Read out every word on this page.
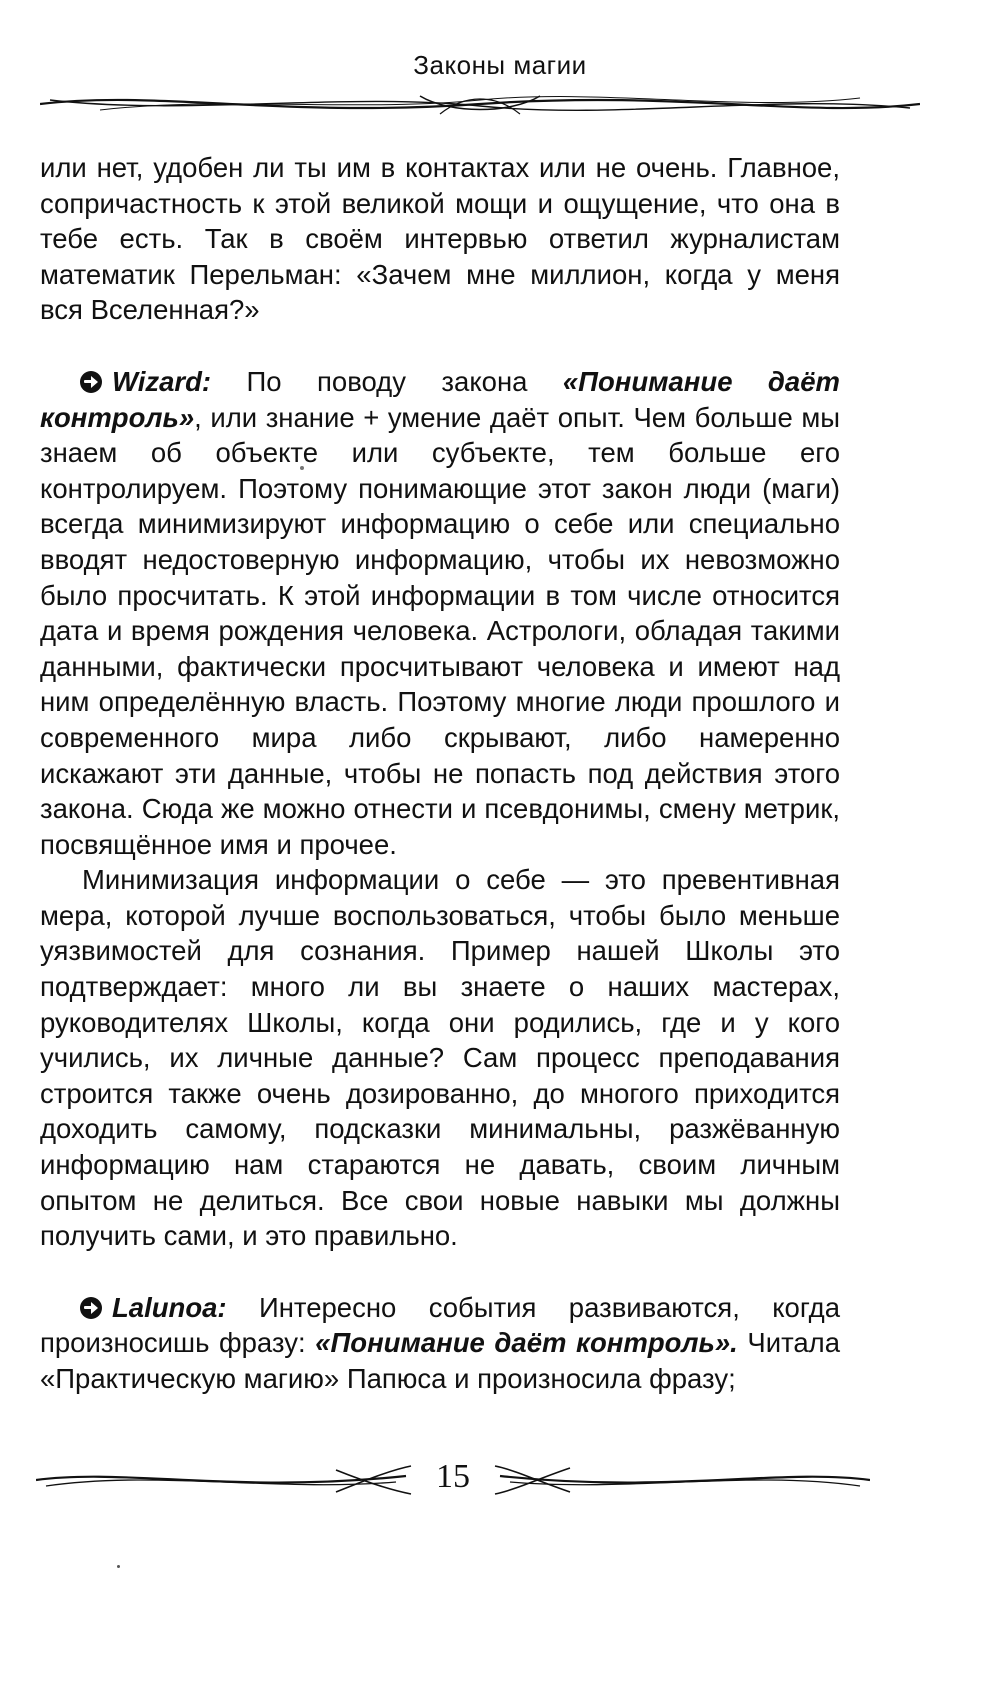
Законы магии

или нет, удобен ли ты им в контактах или не очень. Главное, сопричастность к этой великой мощи и ощущение, что она в тебе есть. Так в своём интервью ответил журналистам математик Перельман: «Зачем мне миллион, когда у меня вся Вселенная?»

Wizard: По поводу закона «Понимание даёт контроль», или знание + умение даёт опыт. Чем больше мы знаем об объекте или субъекте, тем больше его контролируем. Поэтому понимающие этот закон люди (маги) всегда минимизируют информацию о себе или специально вводят недостоверную информацию, чтобы их невозможно было просчитать. К этой информации в том числе относится дата и время рождения человека. Астрологи, обладая такими данными, фактически просчитывают человека и имеют над ним определённую власть. Поэтому многие люди прошлого и современного мира либо скрывают, либо намеренно искажают эти данные, чтобы не попасть под действия этого закона. Сюда же можно отнести и псевдонимы, смену метрик, посвящённое имя и прочее.

Минимизация информации о себе — это превентивная мера, которой лучше воспользоваться, чтобы было меньше уязвимостей для сознания. Пример нашей Школы это подтверждает: много ли вы знаете о наших мастерах, руководителях Школы, когда они родились, где и у кого учились, их личные данные? Сам процесс преподавания строится также очень дозированно, до многого приходится доходить самому, подсказки минимальны, разжёванную информацию нам стараются не давать, своим личным опытом не делиться. Все свои новые навыки мы должны получить сами, и это правильно.

Lalunoa: Интересно события развиваются, когда произносишь фразу: «Понимание даёт контроль». Читала «Практическую магию» Папюса и произносила фразу;

15
